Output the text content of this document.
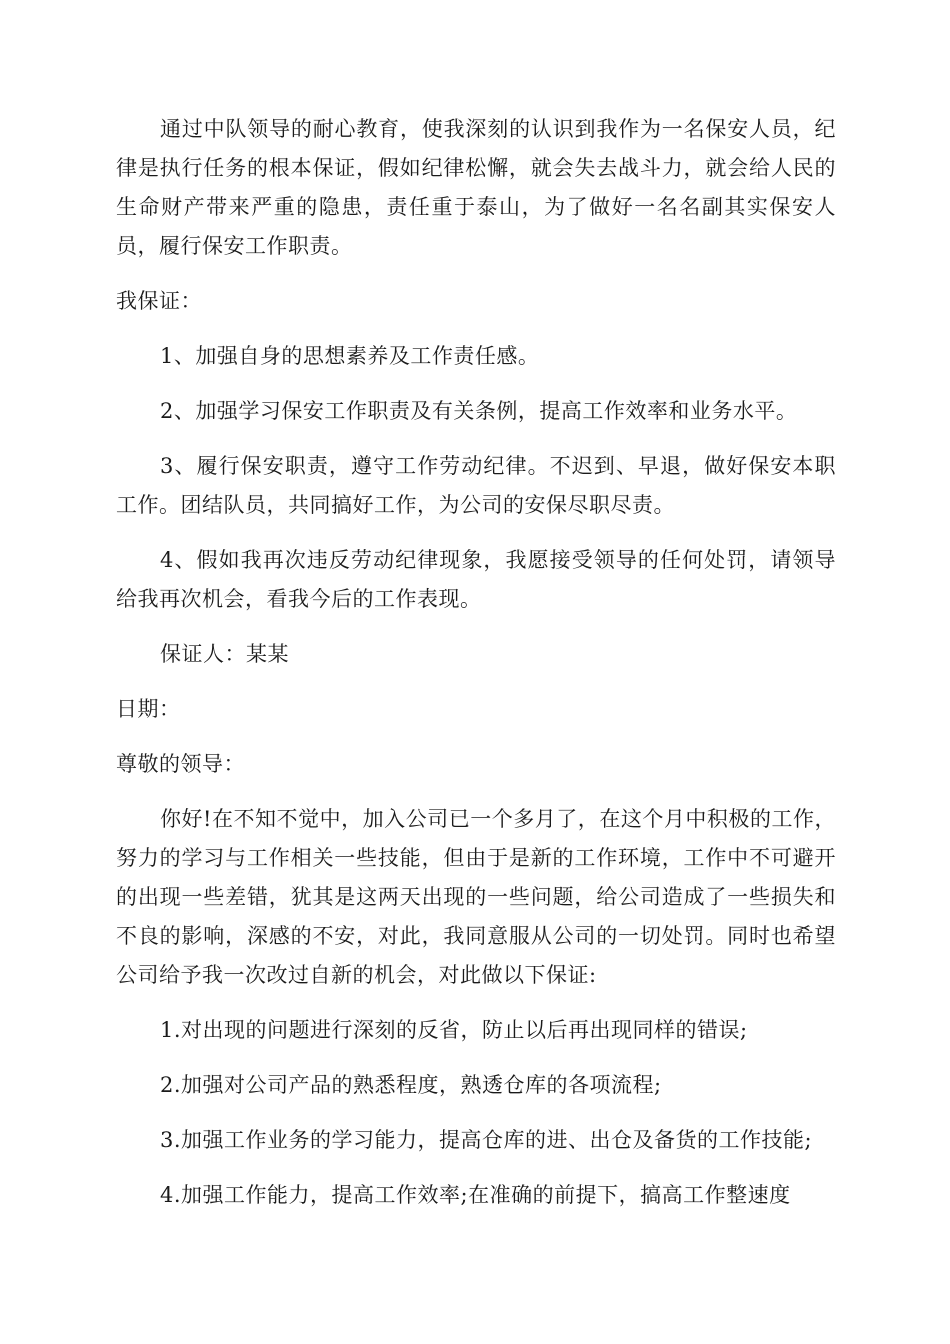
通过中队领导的耐心教育，使我深刻的认识到我作为一名保安人员，纪律是执行任务的根本保证，假如纪律松懈，就会失去战斗力，就会给人民的生命财产带来严重的隐患，责任重于泰山，为了做好一名名副其实保安人员，履行保安工作职责。

我保证：

1、加强自身的思想素养及工作责任感。

2、加强学习保安工作职责及有关条例，提高工作效率和业务水平。

3、履行保安职责，遵守工作劳动纪律。不迟到、早退，做好保安本职工作。团结队员，共同搞好工作，为公司的安保尽职尽责。

4、假如我再次违反劳动纪律现象，我愿接受领导的任何处罚，请领导给我再次机会，看我今后的工作表现。

保证人：某某

日期：

尊敬的领导：

你好!在不知不觉中，加入公司已一个多月了，在这个月中积极的工作，努力的学习与工作相关一些技能，但由于是新的工作环境，工作中不可避开的出现一些差错，犹其是这两天出现的一些问题，给公司造成了一些损失和不良的影响，深感的不安，对此，我同意服从公司的一切处罚。同时也希望公司给予我一次改过自新的机会，对此做以下保证:

1.对出现的问题进行深刻的反省，防止以后再出现同样的错误;

2.加强对公司产品的熟悉程度，熟透仓库的各项流程;

3.加强工作业务的学习能力，提高仓库的进、出仓及备货的工作技能;

4.加强工作能力，提高工作效率;在准确的前提下，搞高工作整速度
